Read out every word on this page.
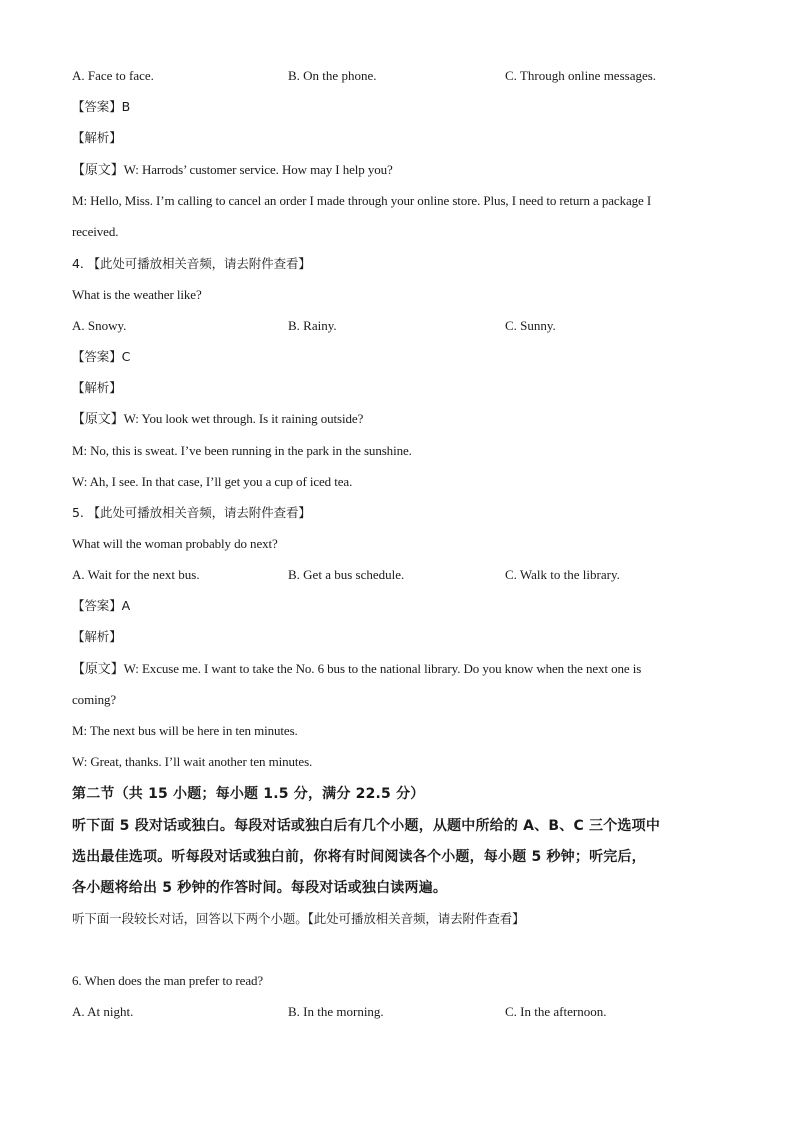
A. Face to face.	B. On the phone.	C. Through online messages.
【答案】B
【解析】
【原文】W: Harrods’ customer service. How may I help you?
M: Hello, Miss. I’m calling to cancel an order I made through your online store. Plus, I need to return a package I
received.
4. 【此处可播放相关音频，请去附件查看】
What is the weather like?
A. Snowy.	B. Rainy.	C. Sunny.
【答案】C
【解析】
【原文】W: You look wet through. Is it raining outside?
M: No, this is sweat. I’ve been running in the park in the sunshine.
W: Ah, I see. In that case, I’ll get you a cup of iced tea.
5. 【此处可播放相关音频，请去附件查看】
What will the woman probably do next?
A. Wait for the next bus.	B. Get a bus schedule.	C. Walk to the library.
【答案】A
【解析】
【原文】W: Excuse me. I want to take the No. 6 bus to the national library. Do you know when the next one is
coming?
M: The next bus will be here in ten minutes.
W: Great, thanks. I’ll wait another ten minutes.
第二节（共 15 小题；每小题 1.5 分，满分 22.5 分）
听下面 5 段对话或独白。每段对话或独白后有几个小题，从题中所给的 A、B、C 三个选项中
选出最佳选项。听每段对话或独白前，你将有时间阅读各个小题，每小题 5 秒钟；听完后，
各小题将给出 5 秒钟的作答时间。每段对话或独白读两遍。
听下面一段较长对话，回答以下两个小题。【此处可播放相关音频，请去附件查看】
6. When does the man prefer to read?
A. At night.	B. In the morning.	C. In the afternoon.
